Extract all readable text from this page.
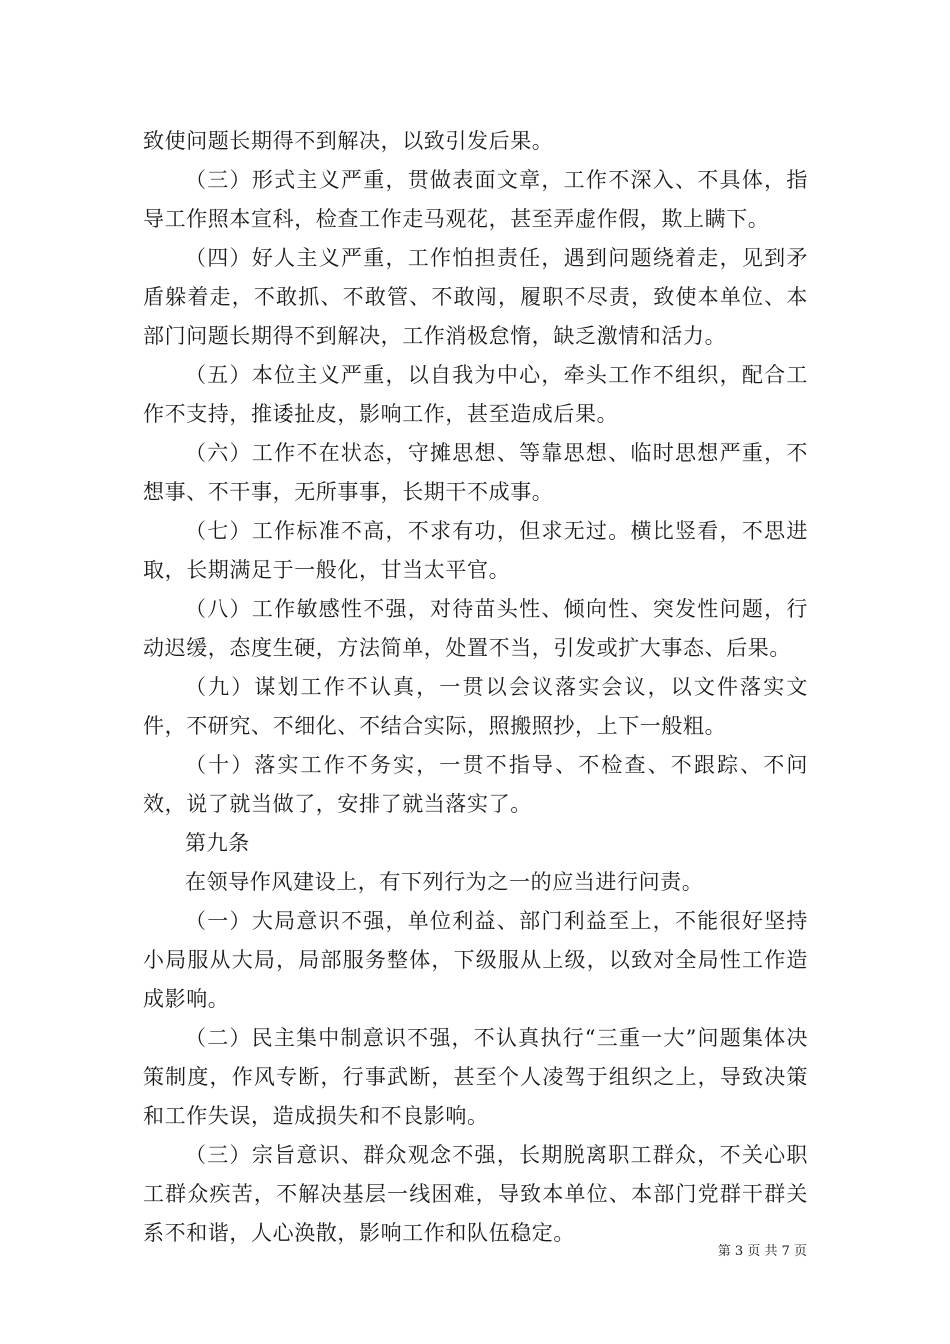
致使问题长期得不到解决，以致引发后果。

（三）形式主义严重，贯做表面文章，工作不深入、不具体，指导工作照本宣科，检查工作走马观花，甚至弄虚作假，欺上瞒下。

（四）好人主义严重，工作怕担责任，遇到问题绕着走，见到矛盾躲着走，不敢抓、不敢管、不敢闯，履职不尽责，致使本单位、本部门问题长期得不到解决，工作消极怠惰，缺乏激情和活力。

（五）本位主义严重，以自我为中心，牵头工作不组织，配合工作不支持，推诿扯皮，影响工作，甚至造成后果。

（六）工作不在状态，守摊思想、等靠思想、临时思想严重，不想事、不干事，无所事事，长期干不成事。

（七）工作标准不高，不求有功，但求无过。横比竖看，不思进取，长期满足于一般化，甘当太平官。

（八）工作敏感性不强，对待苗头性、倾向性、突发性问题，行动迟缓，态度生硬，方法简单，处置不当，引发或扩大事态、后果。

（九）谋划工作不认真，一贯以会议落实会议，以文件落实文件，不研究、不细化、不结合实际，照搬照抄，上下一般粗。

（十）落实工作不务实，一贯不指导、不检查、不跟踪、不问效，说了就当做了，安排了就当落实了。

第九条

在领导作风建设上，有下列行为之一的应当进行问责。

（一）大局意识不强，单位利益、部门利益至上，不能很好坚持小局服从大局，局部服务整体，下级服从上级，以致对全局性工作造成影响。

（二）民主集中制意识不强，不认真执行“三重一大”问题集体决策制度，作风专断，行事武断，甚至个人凌驾于组织之上，导致决策和工作失误，造成损失和不良影响。

（三）宗旨意识、群众观念不强，长期脱离职工群众，不关心职工群众疾苦，不解决基层一线困难，导致本单位、本部门党群干群关系不和谐，人心涣散，影响工作和队伍稳定。

第 3 页 共 7 页
